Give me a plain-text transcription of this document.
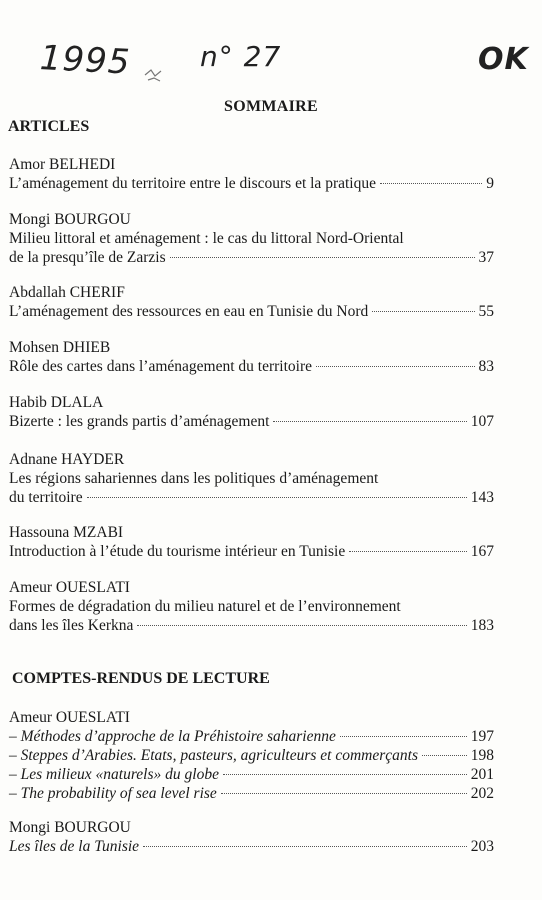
1995 n° 27	OK
SOMMAIRE
ARTICLES
Amor BELHEDI
L’aménagement du territoire entre le discours et la pratique	9
Mongi BOURGOU
Milieu littoral et aménagement : le cas du littoral Nord-Oriental
de la presqu’île de Zarzis	37
Abdallah CHERIF
L’aménagement des ressources en eau en Tunisie du Nord	55
Mohsen DHIEB
Rôle des cartes dans l’aménagement du territoire	83
Habib DLALA
Bizerte : les grands partis d’aménagement	107
Adnane HAYDER
Les régions sahariennes dans les politiques d’aménagement
du territoire	143
Hassouna MZABI
Introduction à l’étude du tourisme intérieur en Tunisie	167
Ameur OUESLATI
Formes de dégradation du milieu naturel et de l’environnement
dans les îles Kerkna	183
COMPTES-RENDUS DE LECTURE
Ameur OUESLATI
– Méthodes d’approche de la Préhistoire saharienne	197
– Steppes d’Arabies. Etats, pasteurs, agriculteurs et commerçants	198
– Les milieux «naturels» du globe	201
– The probability of sea level rise	202
Mongi BOURGOU
Les îles de la Tunisie	203
